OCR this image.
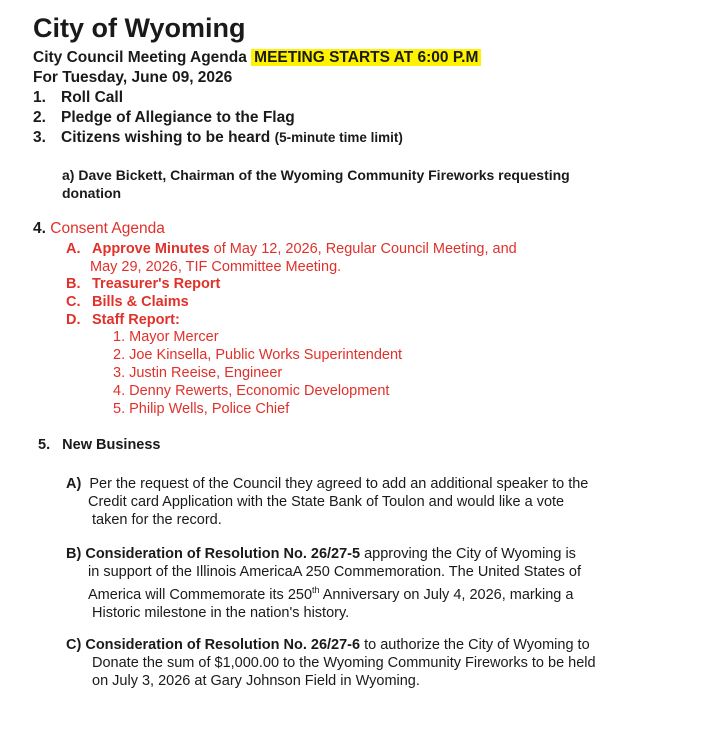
City of Wyoming
City Council Meeting Agenda MEETING STARTS AT 6:00 P.M
For Tuesday, June 09, 2026
1. Roll Call
2. Pledge of Allegiance to the Flag
3. Citizens wishing to be heard (5-minute time limit)
a) Dave Bickett, Chairman of the Wyoming Community Fireworks requesting
donation
4. Consent Agenda
A. Approve Minutes of May 12, 2026, Regular Council Meeting, and
May 29, 2026, TIF Committee Meeting.
B. Treasurer's Report
C. Bills & Claims
D. Staff Report:
1. Mayor Mercer
2. Joe Kinsella, Public Works Superintendent
3. Justin Reeise, Engineer
4. Denny Rewerts, Economic Development
5. Philip Wells, Police Chief
5.   New Business
A) Per the request of the Council they agreed to add an additional speaker to the
Credit card Application with the State Bank of Toulon and would like a vote
taken for the record.
B) Consideration of Resolution No. 26/27-5 approving the City of Wyoming is
in support of the Illinois AmericaA 250 Commemoration. The United States of
America will Commemorate its 250th Anniversary on July 4, 2026, marking a
Historic milestone in the nation's history.
C) Consideration of Resolution No. 26/27-6 to authorize the City of Wyoming to
Donate the sum of $1,000.00 to the Wyoming Community Fireworks to be held
on July 3, 2026 at Gary Johnson Field in Wyoming.
